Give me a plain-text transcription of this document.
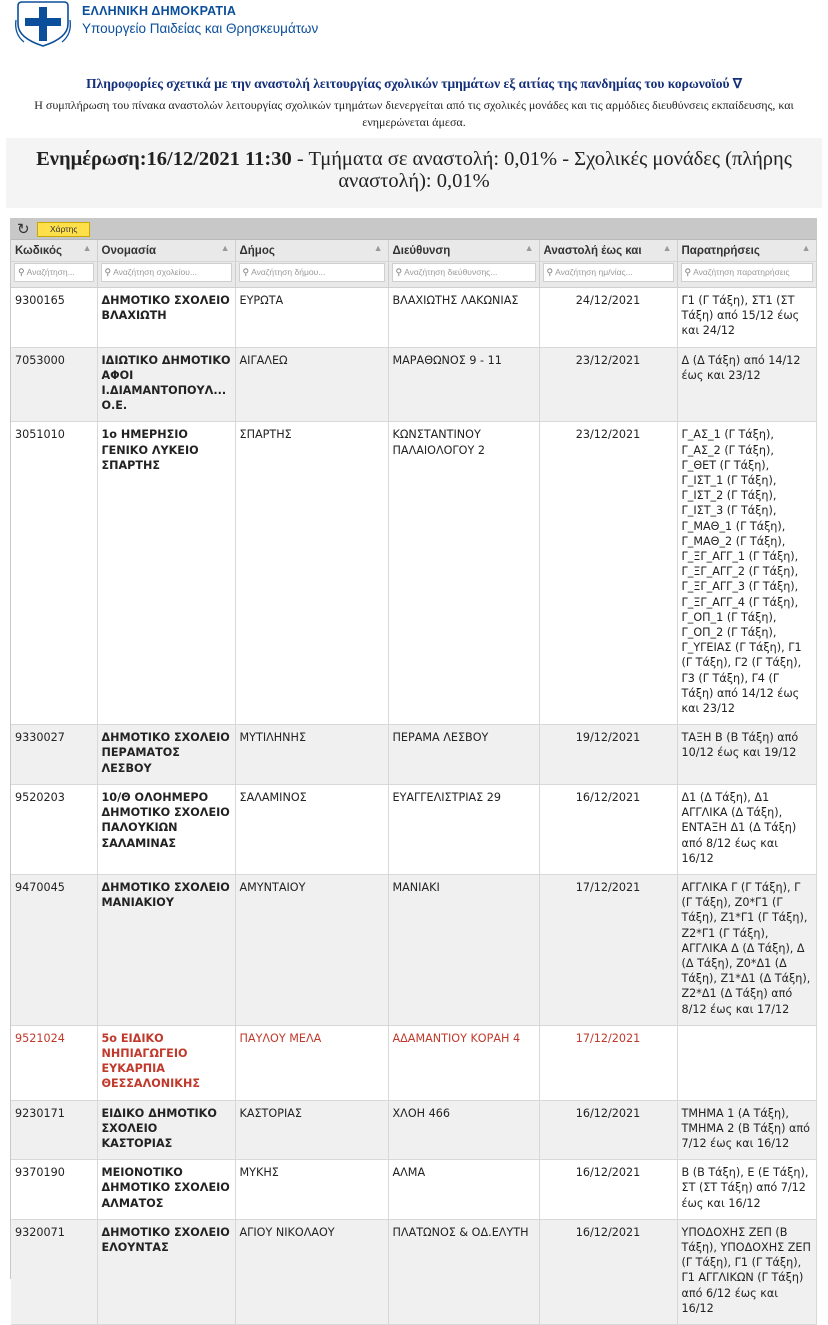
ΕΛΛΗΝΙΚΗ ΔΗΜΟΚΡΑΤΙΑ
Υπουργείο Παιδείας και Θρησκευμάτων
Πληροφορίες σχετικά με την αναστολή λειτουργίας σχολικών τμημάτων εξ αιτίας της πανδημίας του κορωνοϊού ∇
Η συμπλήρωση του πίνακα αναστολών λειτουργίας σχολικών τμημάτων διενεργείται από τις σχολικές μονάδες και τις αρμόδιες διευθύνσεις εκπαίδευσης, και ενημερώνεται άμεσα.
Ενημέρωση:16/12/2021 11:30 - Τμήματα σε αναστολή: 0,01% - Σχολικές μονάδες (πλήρης αναστολή): 0,01%
↻	Χάρτης
Κωδικός ▲	Ονομασία ▲	Δήμος ▲	Διεύθυνση ▲	Αναστολή έως και ▲	Παρατηρήσεις ▲

⚲ Αναζήτηση...	⚲ Αναζήτηση σχολείου...	⚲ Αναζήτηση δήμου...	⚲ Αναζήτηση διεύθυνσης...	⚲ Αναζήτηση ημ/νίας...	⚲ Αναζήτηση παρατηρήσεις

9300165	ΔΗΜΟΤΙΚΟ ΣΧΟΛΕΙΟ ΒΛΑΧΙΩΤΗ	ΕΥΡΩΤΑ	ΒΛΑΧΙΩΤΗΣ ΛΑΚΩΝΙΑΣ	24/12/2021	Γ1 (Γ Τάξη), ΣΤ1 (ΣΤ Τάξη) από 15/12 έως και 24/12
7053000	ΙΔΙΩΤΙΚΟ ΔΗΜΟΤΙΚΟ ΑΦΟΙ Ι.ΔΙΑΜΑΝΤΟΠΟΥΛ... Ο.Ε.	ΑΙΓΑΛΕΩ	ΜΑΡΑΘΩΝΟΣ 9 - 11	23/12/2021	Δ (Δ Τάξη) από 14/12 έως και 23/12
3051010	1ο ΗΜΕΡΗΣΙΟ ΓΕΝΙΚΟ ΛΥΚΕΙΟ ΣΠΑΡΤΗΣ	ΣΠΑΡΤΗΣ	ΚΩΝΣΤΑΝΤΙΝΟΥ ΠΑΛΑΙΟΛΟΓΟΥ 2	23/12/2021	Γ_ΑΣ_1 (Γ Τάξη), Γ_ΑΣ_2 (Γ Τάξη), Γ_ΘΕΤ (Γ Τάξη), Γ_ΙΣΤ_1 (Γ Τάξη), Γ_ΙΣΤ_2 (Γ Τάξη), Γ_ΙΣΤ_3 (Γ Τάξη), Γ_ΜΑΘ_1 (Γ Τάξη), Γ_ΜΑΘ_2 (Γ Τάξη), Γ_ΞΓ_ΑΓΓ_1 (Γ Τάξη), Γ_ΞΓ_ΑΓΓ_2 (Γ Τάξη), Γ_ΞΓ_ΑΓΓ_3 (Γ Τάξη), Γ_ΞΓ_ΑΓΓ_4 (Γ Τάξη), Γ_ΟΠ_1 (Γ Τάξη), Γ_ΟΠ_2 (Γ Τάξη), Γ_ΥΓΕΙΑΣ (Γ Τάξη), Γ1 (Γ Τάξη), Γ2 (Γ Τάξη), Γ3 (Γ Τάξη), Γ4 (Γ Τάξη) από 14/12 έως και 23/12
9330027	ΔΗΜΟΤΙΚΟ ΣΧΟΛΕΙΟ ΠΕΡΑΜΑΤΟΣ ΛΕΣΒΟΥ	ΜΥΤΙΛΗΝΗΣ	ΠΕΡΑΜΑ ΛΕΣΒΟΥ	19/12/2021	ΤΑΞΗ Β (Β Τάξη) από 10/12 έως και 19/12
9520203	10/Θ ΟΛΟΗΜΕΡΟ ΔΗΜΟΤΙΚΟ ΣΧΟΛΕΙΟ ΠΑΛΟΥΚΙΩΝ ΣΑΛΑΜΙΝΑΣ	ΣΑΛΑΜΙΝΟΣ	ΕΥΑΓΓΕΛΙΣΤΡΙΑΣ 29	16/12/2021	Δ1 (Δ Τάξη), Δ1 ΑΓΓΛΙΚΑ (Δ Τάξη), ΕΝΤΑΞΗ Δ1 (Δ Τάξη) από 8/12 έως και 16/12
9470045	ΔΗΜΟΤΙΚΟ ΣΧΟΛΕΙΟ ΜΑΝΙΑΚΙΟΥ	ΑΜΥΝΤΑΙΟΥ	ΜΑΝΙΑΚΙ	17/12/2021	ΑΓΓΛΙΚΑ Γ (Γ Τάξη), Γ (Γ Τάξη), Ζ0*Γ1 (Γ Τάξη), Ζ1*Γ1 (Γ Τάξη), Ζ2*Γ1 (Γ Τάξη), ΑΓΓΛΙΚΑ Δ (Δ Τάξη), Δ (Δ Τάξη), Ζ0*Δ1 (Δ Τάξη), Ζ1*Δ1 (Δ Τάξη), Ζ2*Δ1 (Δ Τάξη) από 8/12 έως και 17/12
9521024	5ο ΕΙΔΙΚΟ ΝΗΠΙΑΓΩΓΕΙΟ ΕΥΚΑΡΠΙΑ ΘΕΣΣΑΛΟΝΙΚΗΣ	ΠΑΥΛΟΥ ΜΕΛΑ	ΑΔΑΜΑΝΤΙΟΥ ΚΟΡΑΗ 4	17/12/2021	
9230171	ΕΙΔΙΚΟ ΔΗΜΟΤΙΚΟ ΣΧΟΛΕΙΟ ΚΑΣΤΟΡΙΑΣ	ΚΑΣΤΟΡΙΑΣ	ΧΛΟΗ 466	16/12/2021	ΤΜΗΜΑ 1 (Α Τάξη), ΤΜΗΜΑ 2 (Β Τάξη) από 7/12 έως και 16/12
9370190	ΜΕΙΟΝΟΤΙΚΟ ΔΗΜΟΤΙΚΟ ΣΧΟΛΕΙΟ ΑΛΜΑΤΟΣ	ΜΥΚΗΣ	ΑΛΜΑ	16/12/2021	Β (Β Τάξη), Ε (Ε Τάξη), ΣΤ (ΣΤ Τάξη) από 7/12 έως και 16/12
9320071	ΔΗΜΟΤΙΚΟ ΣΧΟΛΕΙΟ ΕΛΟΥΝΤΑΣ	ΑΓΙΟΥ ΝΙΚΟΛΑΟΥ	ΠΛΑΤΩΝΟΣ & ΟΔ.ΕΛΥΤΗ	16/12/2021	ΥΠΟΔΟΧΗΣ ΖΕΠ (Β Τάξη), ΥΠΟΔΟΧΗΣ ΖΕΠ (Γ Τάξη), Γ1 (Γ Τάξη), Γ1 ΑΓΓΛΙΚΩΝ (Γ Τάξη) από 6/12 έως και 16/12
